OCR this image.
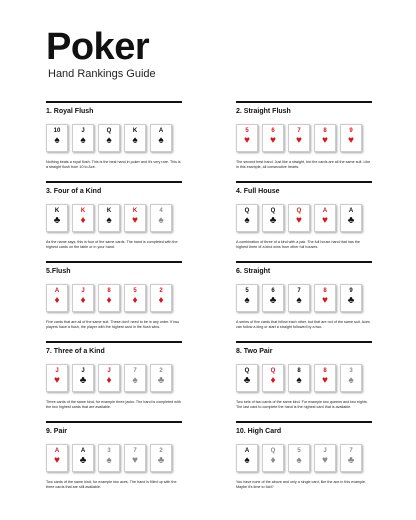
Poker
Hand Rankings Guide
1. Royal Flush
10
♠
J
♠
Q
♠
K
♠
A
♠
Nothing beats a royal flush. This is the best hand in poker and it's very rare. This is a straight flush from 10 to Ace.
2. Straight Flush
5
♥
6
♥
7
♥
8
♥
9
♥
The second best hand. Just like a straight, but the cards are all the same suit. Like in this example, all consecutive hearts.
3. Four of a Kind
K
♣
K
♦
K
♠
K
♥
4
♠
As the name says, this is four of the same cards. The hand is completed with the highest cards on the table or in your hand.
4. Full House
Q
♠
Q
♣
Q
♥
A
♥
A
♣
A combination of three of a kind with a pair. The full house hand that has the highest three of a kind wins from other full houses.
5.Flush
A
♦
J
♦
8
♦
5
♦
2
♦
Five cards that are all of the same suit. These don't need to be in any order. If two players have a flush, the player with the highest card in the flush wins.
6. Straight
5
♠
6
♣
7
♠
8
♥
9
♣
A series of five cards that follow each other, but that are not of the same suit. Aces can follow a king or start a straight followed by a two.
7. Three of a Kind
J
♥
J
♣
J
♦
7
♠
2
♣
Three cards of the same kind, for example three jacks. The hand is completed with the two highest cards that are available.
8. Two Pair
Q
♣
Q
♦
8
♠
8
♥
3
♠
Two sets of two cards of the same kind. For example two queens and two eights. The last card to complete the hand is the highest card that is available.
9. Pair
A
♥
A
♣
3
♠
7
♥
2
♣
Two cards of the same kind, for example two aces. The hand is filled up with the three cards that are still available.
10. High Card
A
♠
Q
♦
5
♠
J
♥
7
♣
You have none of the above and only a single card, like the ace in this example. Maybe it's time to fold?
